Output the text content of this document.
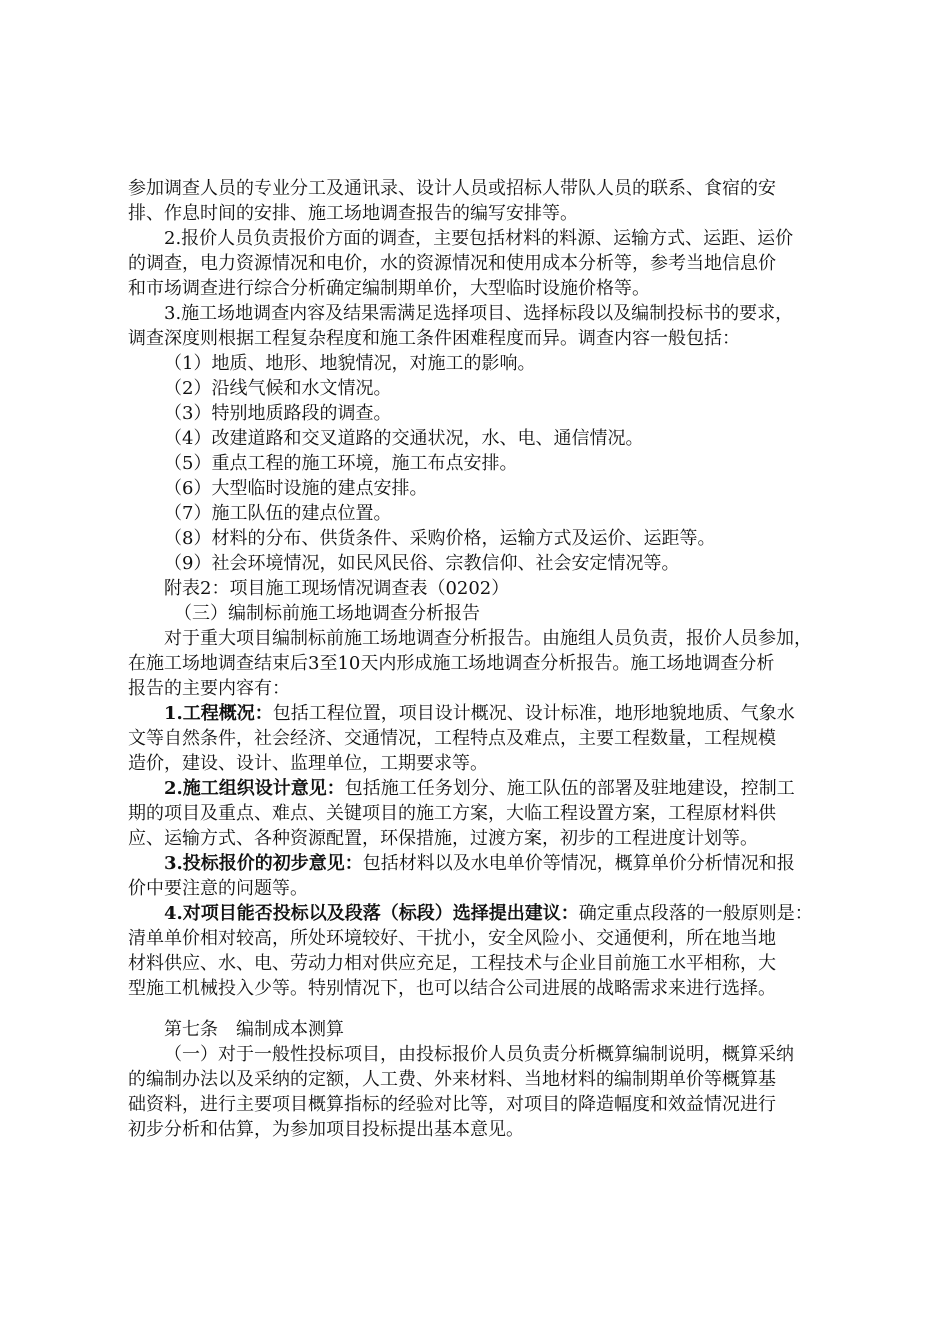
参加调查人员的专业分工及通讯录、设计人员或招标人带队人员的联系、食宿的安
排、作息时间的安排、施工场地调查报告的编写安排等。
2.报价人员负责报价方面的调查，主要包括材料的料源、运输方式、运距、运价
的调查，电力资源情况和电价，水的资源情况和使用成本分析等，参考当地信息价
和市场调查进行综合分析确定编制期单价，大型临时设施价格等。
3.施工场地调查内容及结果需满足选择项目、选择标段以及编制投标书的要求，
调查深度则根据工程复杂程度和施工条件困难程度而异。调查内容一般包括：
（1）地质、地形、地貌情况，对施工的影响。
（2）沿线气候和水文情况。
（3）特别地质路段的调查。
（4）改建道路和交叉道路的交通状况，水、电、通信情况。
（5）重点工程的施工环境，施工布点安排。
（6）大型临时设施的建点安排。
（7）施工队伍的建点位置。
（8）材料的分布、供货条件、采购价格，运输方式及运价、运距等。
（9）社会环境情况，如民风民俗、宗教信仰、社会安定情况等。
附表2：项目施工现场情况调查表（0202）
（三）编制标前施工场地调查分析报告
对于重大项目编制标前施工场地调查分析报告。由施组人员负责，报价人员参加，
在施工场地调查结束后3至10天内形成施工场地调查分析报告。施工场地调查分析
报告的主要内容有：
1.工程概况：包括工程位置，项目设计概况、设计标准，地形地貌地质、气象水
文等自然条件，社会经济、交通情况，工程特点及难点，主要工程数量，工程规模
造价，建设、设计、监理单位，工期要求等。
2.施工组织设计意见：包括施工任务划分、施工队伍的部署及驻地建设，控制工
期的项目及重点、难点、关键项目的施工方案，大临工程设置方案，工程原材料供
应、运输方式、各种资源配置，环保措施，过渡方案，初步的工程进度计划等。
3.投标报价的初步意见：包括材料以及水电单价等情况，概算单价分析情况和报
价中要注意的问题等。
4.对项目能否投标以及段落（标段）选择提出建议：确定重点段落的一般原则是：
清单单价相对较高，所处环境较好、干扰小，安全风险小、交通便利，所在地当地
材料供应、水、电、劳动力相对供应充足，工程技术与企业目前施工水平相称，大
型施工机械投入少等。特别情况下，也可以结合公司进展的战略需求来进行选择。
第七条　编制成本测算
（一）对于一般性投标项目，由投标报价人员负责分析概算编制说明，概算采纳
的编制办法以及采纳的定额，人工费、外来材料、当地材料的编制期单价等概算基
础资料，进行主要项目概算指标的经验对比等，对项目的降造幅度和效益情况进行
初步分析和估算，为参加项目投标提出基本意见。
